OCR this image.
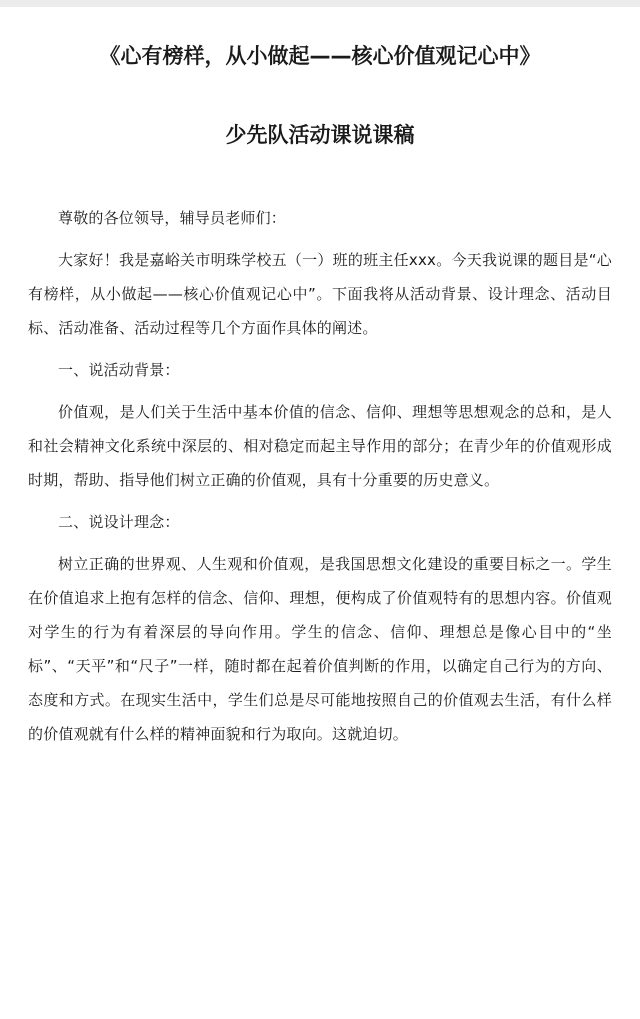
《心有榜样，从小做起——核心价值观记心中》
少先队活动课说课稿

尊敬的各位领导，辅导员老师们：

大家好！我是嘉峪关市明珠学校五（一）班的班主任xxx。今天我说课的题目是“心有榜样，从小做起——核心价值观记心中”。下面我将从活动背景、设计理念、活动目标、活动准备、活动过程等几个方面作具体的阐述。

一、说活动背景：

价值观，是人们关于生活中基本价值的信念、信仰、理想等思想观念的总和，是人和社会精神文化系统中深层的、相对稳定而起主导作用的部分；在青少年的价值观形成时期，帮助、指导他们树立正确的价值观，具有十分重要的历史意义。

二、说设计理念：

树立正确的世界观、人生观和价值观，是我国思想文化建设的重要目标之一。学生在价值追求上抱有怎样的信念、信仰、理想，便构成了价值观特有的思想内容。价值观对学生的行为有着深层的导向作用。学生的信念、信仰、理想总是像心目中的“坐标”、“天平”和“尺子”一样，随时都在起着价值判断的作用，以确定自己行为的方向、态度和方式。在现实生活中，学生们总是尽可能地按照自己的价值观去生活，有什么样的价值观就有什么样的精神面貌和行为取向。这就迫切。
